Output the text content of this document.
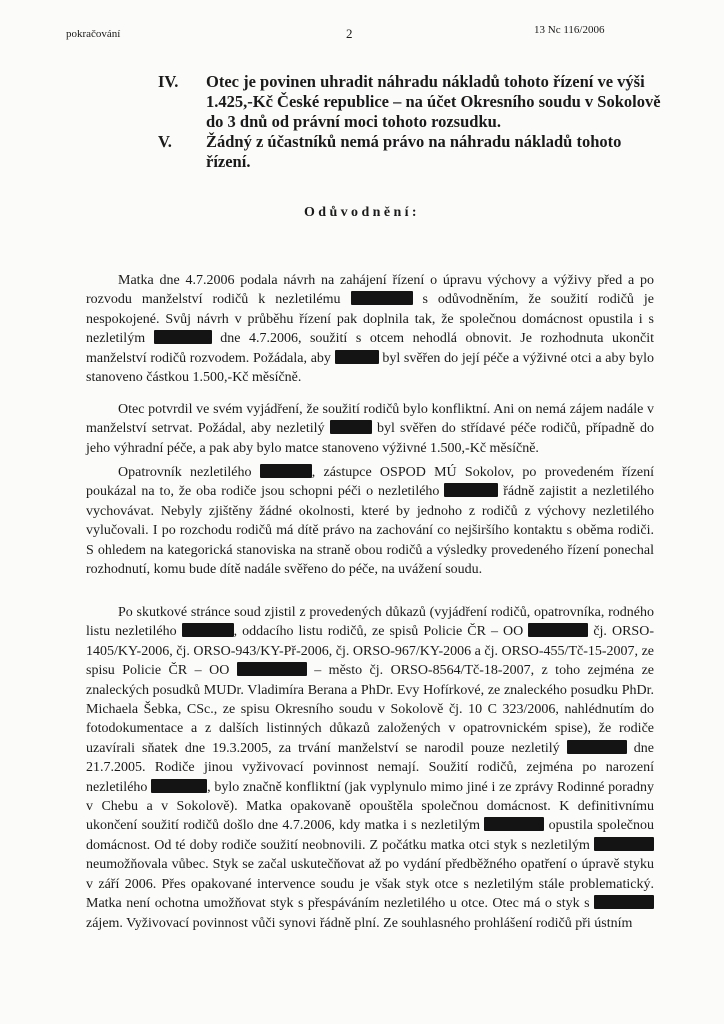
pokračování	2	13 Nc 116/2006
IV.	Otec je povinen uhradit náhradu nákladů tohoto řízení ve výši 1.425,-Kč České republice – na účet Okresního soudu v Sokolově do 3 dnů od právní moci tohoto rozsudku.
V.	Žádný z účastníků nemá právo na náhradu nákladů tohoto řízení.
Odůvodnění:

Matka dne 4.7.2006 podala návrh na zahájení řízení o úpravu výchovy a výživy před a po rozvodu manželství rodičů k nezletilému	s odůvodněním, že soužití rodičů je nespokojené. Svůj návrh v průběhu řízení pak doplnila tak, že společnou domácnost opustila i s nezletilým	dne 4.7.2006, soužití s otcem nehodlá obnovit. Je rozhodnuta ukončit manželství rodičů rozvodem. Požádala, aby	byl svěřen do její péče a výživné otci a aby bylo stanoveno částkou 1.500,-Kč měsíčně.

Otec potvrdil ve svém vyjádření, že soužití rodičů bylo konfliktní. Ani on nemá zájem nadále v manželství setrvat. Požádal, aby nezletilý	byl svěřen do střídavé péče rodičů, případně do jeho výhradní péče, a pak aby bylo matce stanoveno výživné 1.500,-Kč měsíčně.

Opatrovník nezletilého	, zástupce OSPOD MÚ Sokolov, po provedeném řízení poukázal na to, že oba rodiče jsou schopni péči o nezletilého	řádně zajistit a nezletilého vychovávat. Nebyly zjištěny žádné okolnosti, které by jednoho z rodičů z výchovy nezletilého vylučovali. I po rozchodu rodičů má dítě právo na zachování co nejširšího kontaktu s oběma rodiči. S ohledem na kategorická stanoviska na straně obou rodičů a výsledky provedeného řízení ponechal rozhodnutí, komu bude dítě nadále svěřeno do péče, na uvážení soudu.

Po skutkové stránce soud zjistil z provedených důkazů (vyjádření rodičů, opatrovníka, rodného listu nezletilého	, oddacího listu rodičů, ze spisů Policie ČR – OO	čj. ORSO-1405/KY-2006, čj. ORSO-943/KY-Př-2006, čj. ORSO-967/KY-2006 a čj. ORSO-455/Tč-15-2007, ze spisu Policie ČR – OO	– město čj. ORSO-8564/Tč-18-2007, z toho zejména ze znaleckých posudků MUDr. Vladimíra Berana a PhDr. Evy Hofírkové, ze znaleckého posudku PhDr. Michaela Šebka, CSc., ze spisu Okresního soudu v Sokolově čj. 10 C 323/2006, nahlédnutím do fotodokumentace a z dalších listinných důkazů založených v opatrovnickém spise), že rodiče uzavírali sňatek dne 19.3.2005, za trvání manželství se narodil pouze nezletilý	dne 21.7.2005. Rodiče jinou vyživovací povinnost nemají. Soužití rodičů, zejména po narození nezletilého	, bylo značně konfliktní (jak vyplynulo mimo jiné i ze zprávy Rodinné poradny v Chebu a v Sokolově). Matka opakovaně opouštěla společnou domácnost. K definitivnímu ukončení soužití rodičů došlo dne 4.7.2006, kdy matka i s nezletilým	opustila společnou domácnost. Od té doby rodiče soužití neobnovili. Z počátku matka otci styk s nezletilým  neumožňovala vůbec. Styk se začal uskutečňovat až po vydání předběžného opatření o úpravě styku v září 2006. Přes opakované intervence soudu je však styk otce s nezletilým stále problematický. Matka není ochotna umožňovat styk s přespáváním nezletilého u otce. Otec má o styk s  zájem. Vyživovací povinnost vůči synovi řádně plní. Ze souhlasného prohlášení rodičů při ústním
